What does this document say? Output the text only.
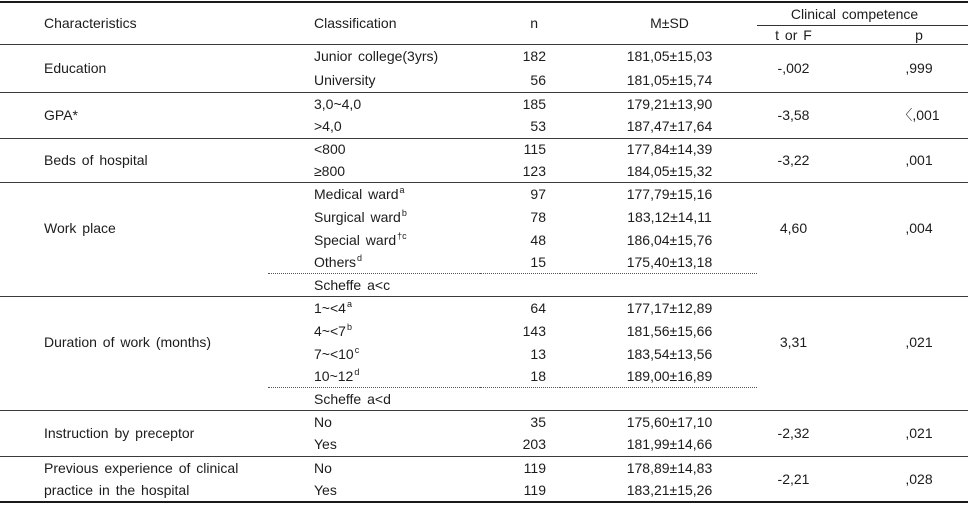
Characteristics	Classification	n	M±SD	Clinical competence	
				t or F	p
Education	Junior college(3yrs)	182	181,05±15,03	-,002	,999
	University	56	181,05±15,74		
GPA*	3,0~4,0	185	179,21±13,90	-3,58	〈,001
	>4,0	53	187,47±17,64		
Beds of hospital	<800	115	177,84±14,39	-3,22	,001
	≥800	123	184,05±15,32		
Work place	Medical ward$^a$	97	177,79±15,16	4,60	,004
	Surgical ward$^b$	78	183,12±14,11		
	Special ward$^{\dagger c}$	48	186,04±15,76		
	Others$^d$	15	175,40±13,18		
	Scheffe a<c				
Duration of work (months)	$1\sim<4^a$	64	177,17±12,89	3,31	,021
	$4\sim<7^b$	143	181,56±15,66		
	$7\sim<10^c$	13	183,54±13,56		
	10~12$^d$	18	189,00±16,89		
	Scheffe a<d				
Instruction by preceptor	No	35	175,60±17,10	-2,32	,021
	Yes	203	181,99±14,66		
Previous experience of clinical practice in the hospital	No	119	178,89±14,83	-2,21	,028
	Yes	119	183,21±15,26		
